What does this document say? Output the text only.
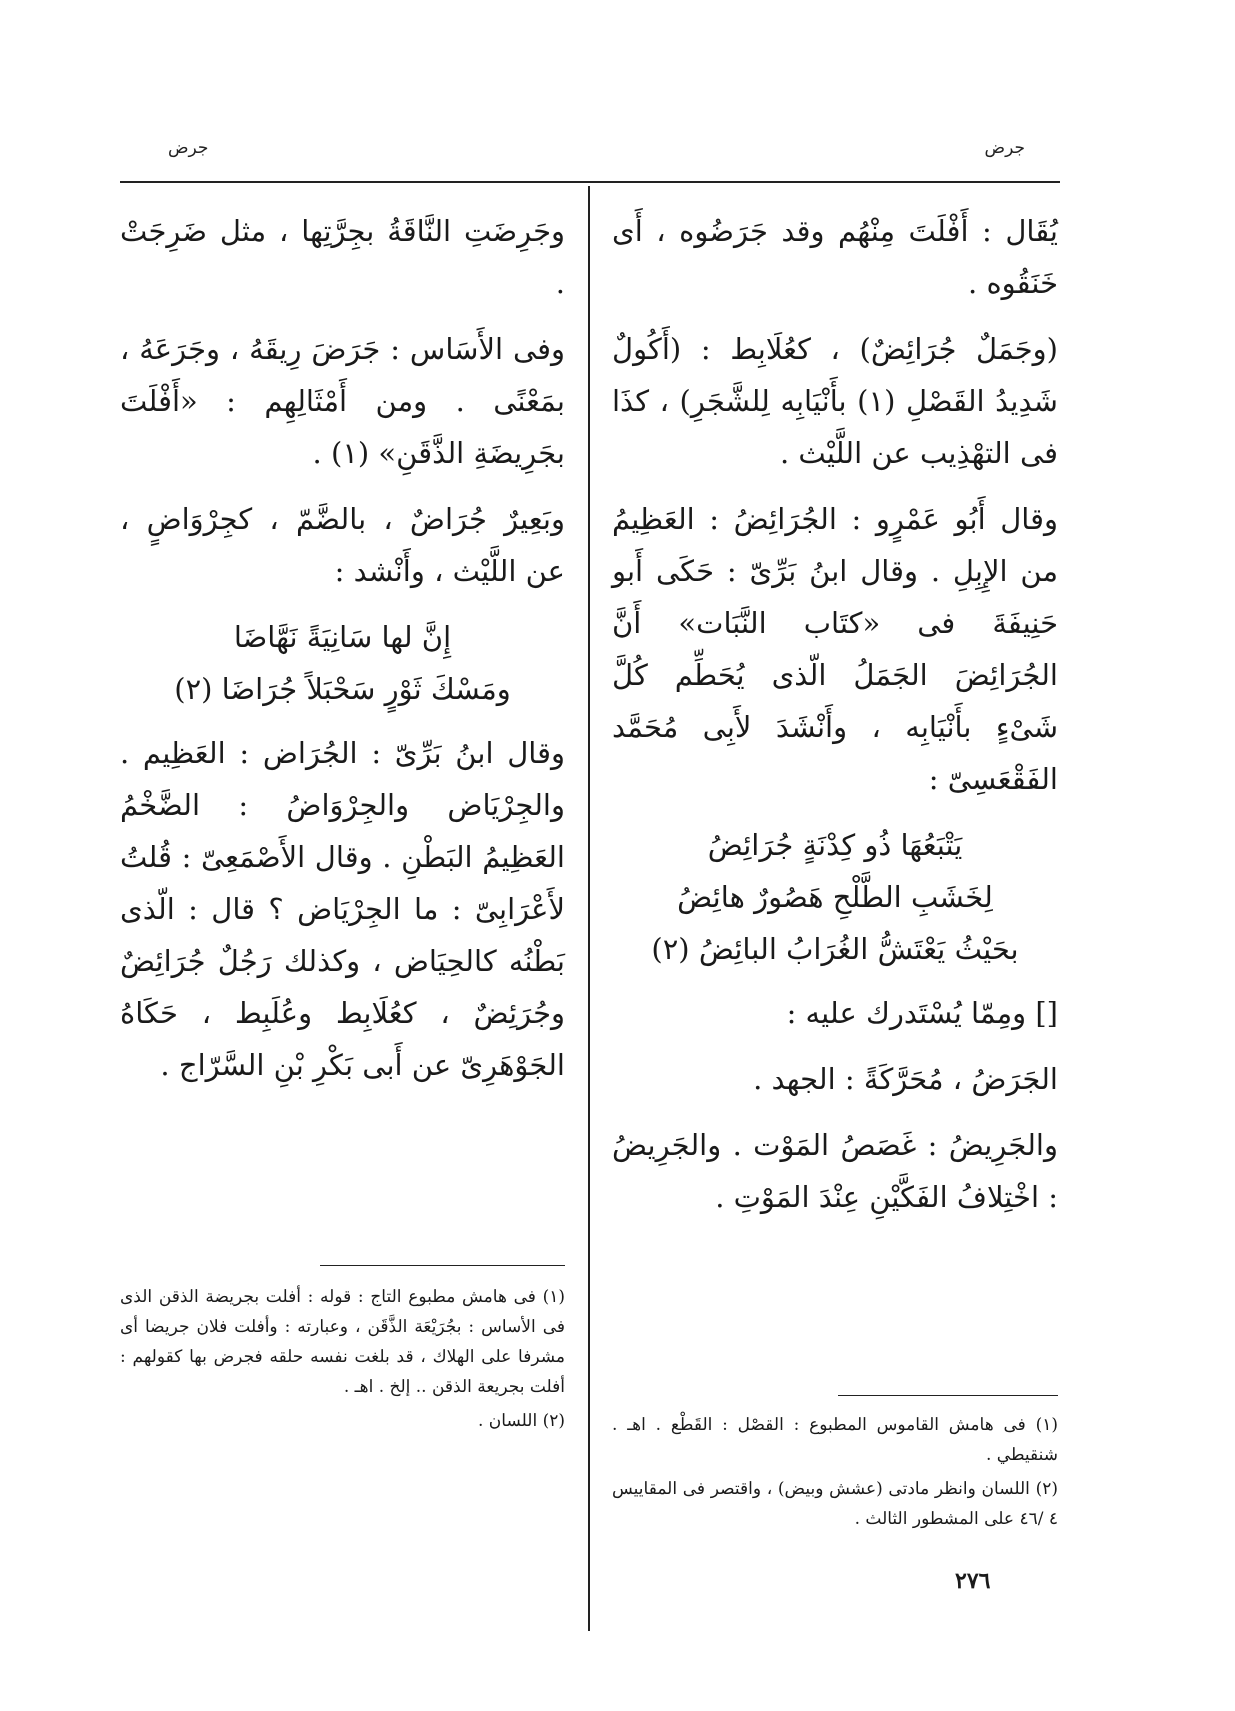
جرض
جرض

يُقَال : أَفْلَتَ مِنْهُم وقد جَرَضُوه ، أَى خَنَقُوه .

(وجَمَلٌ جُرَائِضٌ) ، كعُلَابِط : (أَكُولٌ شَدِيدُ القَصْلِ (١) بأَنْيَابِه لِلشَّجَرِ) ، كذَا فى التهْذِيب عن اللَّيْث .

وقال أَبُو عَمْرٍو : الجُرَائِضُ : العَظِيمُ من الإِبِلِ . وقال ابنُ بَرِّىّ : حَكَى أَبو حَنِيفَةَ فى «كتَاب النَّبَات» أَنَّ الجُرَائِضَ الجَمَلُ الّذى يُحَطِّم كُلَّ شَىْءٍ بأَنْيَابِه ، وأَنْشَدَ لأَبِى مُحَمَّد الفَقْعَسِىّ :

يَتْبَعُهَا ذُو كِدْنَةٍ جُرَائِضُ
لِخَشَبِ الطَّلْحِ هَصُورٌ هائِضُ
بحَيْثُ يَعْتَشُّ الغُرَابُ البائِضُ (٢)

[] ومِمّا يُسْتَدرك عليه :

الجَرَضُ ، مُحَرَّكَةً : الجهد .

والجَرِيضُ : غَصَصُ المَوْت . والجَرِيضُ : اخْتِلافُ الفَكَّيْنِ عِنْدَ المَوْتِ .

(١) فى هامش القاموس المطبوع : القصْل : القَطْع . اهـ . شنقيطي .

(٢) اللسان وانظر مادتى (عشش وبيض) ، واقتصر فى المقاييس ٤ /٤٦ على المشطور الثالث .

وجَرِضَتِ النَّاقَةُ بجِرَّتِها ، مثل ضَرِجَتْ .

وفى الأَسَاس : جَرَضَ رِيقَهُ ، وجَرَعَهُ ، بمَعْنًى . ومن أَمْثَالِهِم : «أَفْلَتَ بجَرِيضَةِ الذَّقَنِ» (١) .

وبَعِيرٌ جُرَاضٌ ، بالضَّمّ ، كجِرْوَاضٍ ، عن اللَّيْث ، وأَنْشد :

إِنَّ لها سَانِيَةً نَهَّاضَا
ومَسْكَ ثَوْرٍ سَحْبَلاً جُرَاضَا (٢)

وقال ابنُ بَرِّىّ : الجُرَاض : العَظِيم . والجِرْيَاض والجِرْوَاضُ : الضَّخْمُ العَظِيمُ البَطْنِ . وقال الأَصْمَعِىّ : قُلتُ لأَعْرَابِىّ : ما الجِرْيَاض ؟ قال : الّذى بَطْنُه كالحِيَاض ، وكذلك رَجُلٌ جُرَائِضٌ وجُرَئِضٌ ، كعُلَابِط وعُلَبِط ، حَكَاهُ الجَوْهَرِىّ عن أَبى بَكْرِ بْنِ السَّرّاج .

(١) فى هامش مطبوع التاج : قوله : أفلت بجريضة الذقن الذى فى الأساس : بجُرَيْعَة الذَّقَن ، وعبارته : وأفلت فلان جريضا أى مشرفا على الهلاك ، قد بلغت نفسه حلقه فجرض بها كقولهم : أفلت بجريعة الذقن .. إلخ . اهـ .

(٢) اللسان .

٢٧٦
